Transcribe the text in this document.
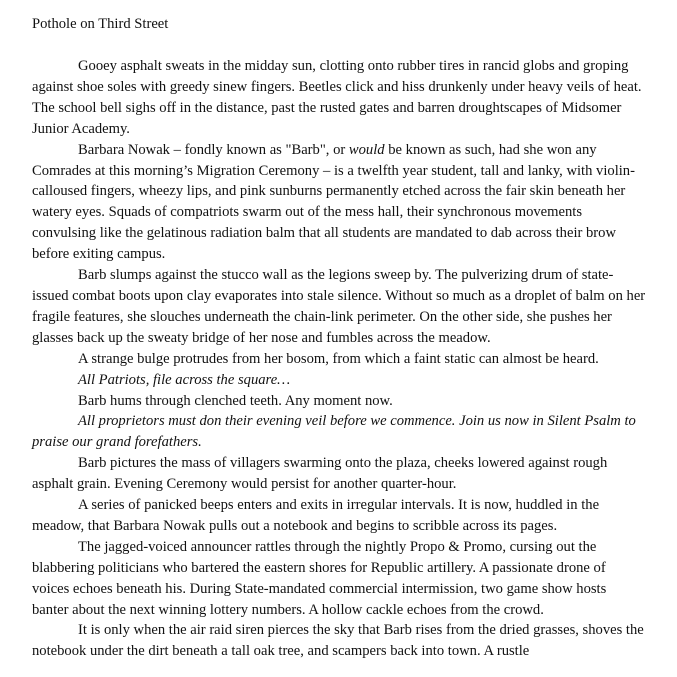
Pothole on Third Street

Gooey asphalt sweats in the midday sun, clotting onto rubber tires in rancid globs and groping against shoe soles with greedy sinew fingers. Beetles click and hiss drunkenly under heavy veils of heat. The school bell sighs off in the distance, past the rusted gates and barren droughtscapes of Midsomer Junior Academy.

Barbara Nowak – fondly known as "Barb", or would be known as such, had she won any Comrades at this morning’s Migration Ceremony – is a twelfth year student, tall and lanky, with violin-calloused fingers, wheezy lips, and pink sunburns permanently etched across the fair skin beneath her watery eyes. Squads of compatriots swarm out of the mess hall, their synchronous movements convulsing like the gelatinous radiation balm that all students are mandated to dab across their brow before exiting campus.

Barb slumps against the stucco wall as the legions sweep by. The pulverizing drum of state-issued combat boots upon clay evaporates into stale silence. Without so much as a droplet of balm on her fragile features, she slouches underneath the chain-link perimeter. On the other side, she pushes her glasses back up the sweaty bridge of her nose and fumbles across the meadow.

A strange bulge protrudes from her bosom, from which a faint static can almost be heard.

All Patriots, file across the square…

Barb hums through clenched teeth. Any moment now.

All proprietors must don their evening veil before we commence. Join us now in Silent Psalm to praise our grand forefathers.

Barb pictures the mass of villagers swarming onto the plaza, cheeks lowered against rough asphalt grain. Evening Ceremony would persist for another quarter-hour.

A series of panicked beeps enters and exits in irregular intervals. It is now, huddled in the meadow, that Barbara Nowak pulls out a notebook and begins to scribble across its pages.

The jagged-voiced announcer rattles through the nightly Propo & Promo, cursing out the blabbering politicians who bartered the eastern shores for Republic artillery. A passionate drone of voices echoes beneath his. During State-mandated commercial intermission, two game show hosts banter about the next winning lottery numbers. A hollow cackle echoes from the crowd.

It is only when the air raid siren pierces the sky that Barb rises from the dried grasses, shoves the notebook under the dirt beneath a tall oak tree, and scampers back into town. A rustle
